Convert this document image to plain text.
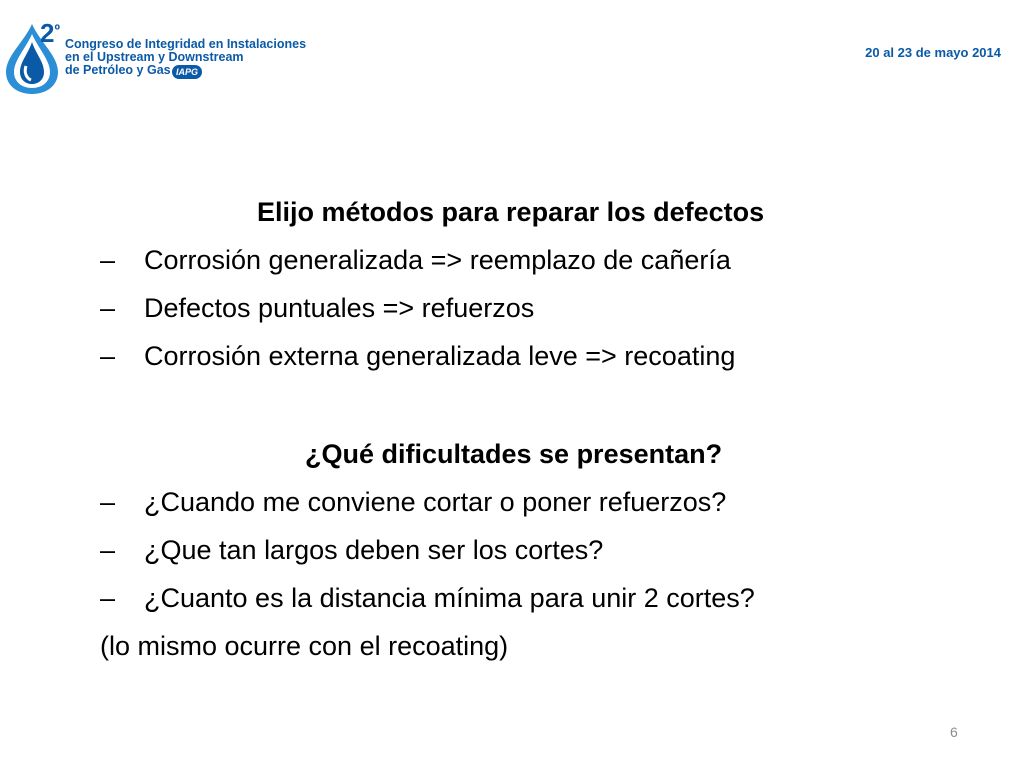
$2^º$
Congreso de Integridad en Instalaciones
en el Upstream y Downstream
de Petróleo y Gas IAPG
20 al 23 de mayo 2014
Elijo métodos para reparar los defectos
– Corrosión generalizada => reemplazo de cañería
– Defectos puntuales => refuerzos
– Corrosión externa generalizada leve => recoating
¿Qué dificultades se presentan?
– ¿Cuando me conviene cortar o poner refuerzos?
– ¿Que tan largos deben ser los cortes?
– ¿Cuanto es la distancia mínima para unir 2 cortes?
(lo mismo ocurre con el recoating)
6
